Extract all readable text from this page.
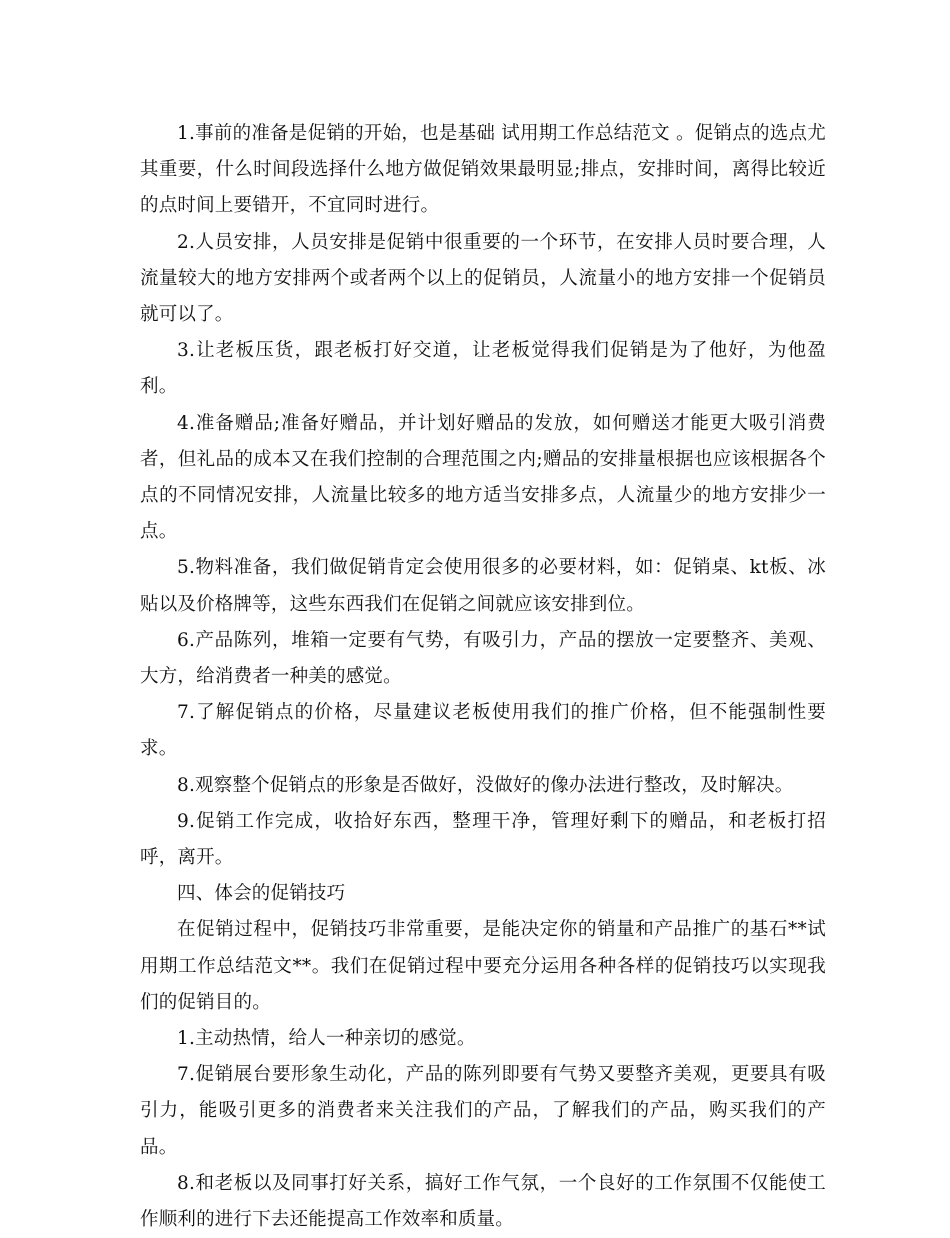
1.事前的准备是促销的开始，也是基础 试用期工作总结范文 。促销点的选点尤其重要，什么时间段选择什么地方做促销效果最明显;排点，安排时间，离得比较近的点时间上要错开，不宜同时进行。

2.人员安排，人员安排是促销中很重要的一个环节，在安排人员时要合理，人流量较大的地方安排两个或者两个以上的促销员，人流量小的地方安排一个促销员就可以了。

3.让老板压货，跟老板打好交道，让老板觉得我们促销是为了他好，为他盈利。

4.准备赠品;准备好赠品，并计划好赠品的发放，如何赠送才能更大吸引消费者，但礼品的成本又在我们控制的合理范围之内;赠品的安排量根据也应该根据各个点的不同情况安排，人流量比较多的地方适当安排多点，人流量少的地方安排少一点。

5.物料准备，我们做促销肯定会使用很多的必要材料，如：促销桌、kt板、冰贴以及价格牌等，这些东西我们在促销之间就应该安排到位。

6.产品陈列，堆箱一定要有气势，有吸引力，产品的摆放一定要整齐、美观、大方，给消费者一种美的感觉。

7.了解促销点的价格，尽量建议老板使用我们的推广价格，但不能强制性要求。

8.观察整个促销点的形象是否做好，没做好的像办法进行整改，及时解决。

9.促销工作完成，收拾好东西，整理干净，管理好剩下的赠品，和老板打招呼，离开。

四、体会的促销技巧

在促销过程中，促销技巧非常重要，是能决定你的销量和产品推广的基石**试用期工作总结范文**。我们在促销过程中要充分运用各种各样的促销技巧以实现我们的促销目的。

1.主动热情，给人一种亲切的感觉。

7.促销展台要形象生动化，产品的陈列即要有气势又要整齐美观，更要具有吸引力，能吸引更多的消费者来关注我们的产品，了解我们的产品，购买我们的产品。

8.和老板以及同事打好关系，搞好工作气氛，一个良好的工作氛围不仅能使工作顺利的进行下去还能提高工作效率和质量。
